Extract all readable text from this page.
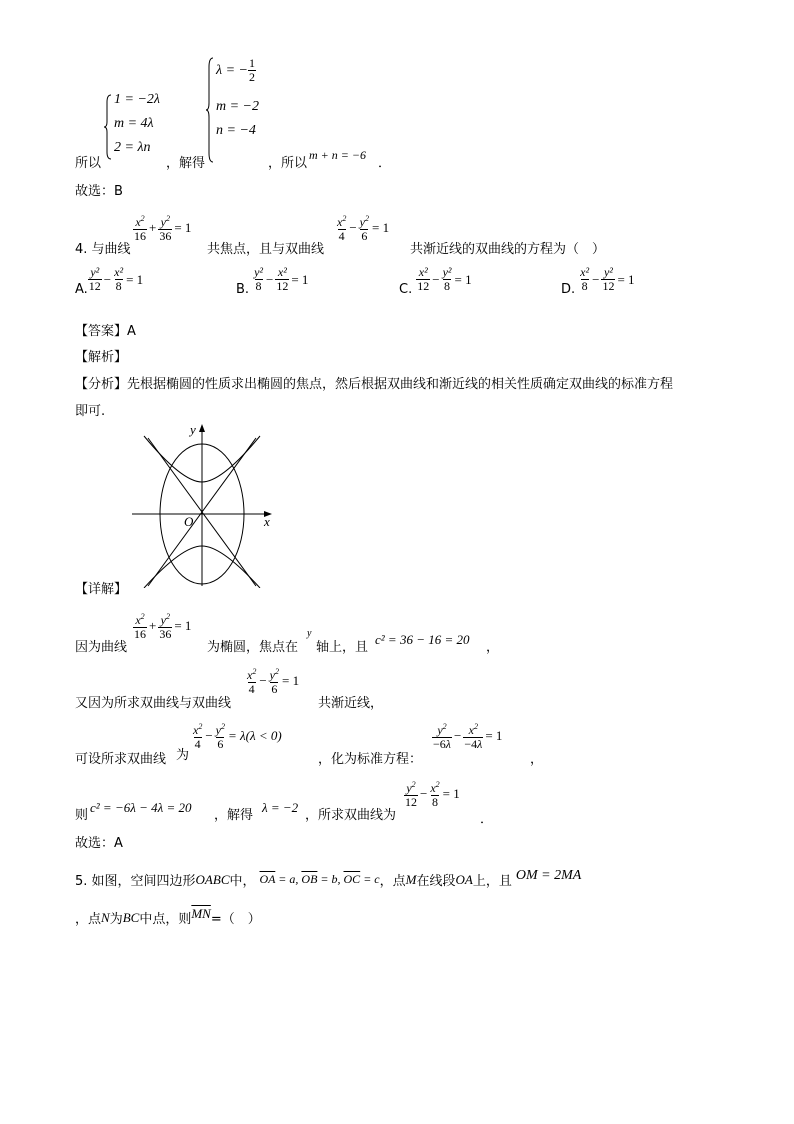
1 = −2λ
m = 4λ
2 = λn
所以	，解得
λ = − $\frac{1}{2}$
m = −2
n = −4
，所以
m + n = −6
．
故选：B
4. 与曲线
$\frac{x^2}{16} + \frac{y^2}{36} = 1$
共焦点，且与双曲线
$\frac{x^2}{4} - \frac{y^2}{6} = 1$
共渐近线的双曲线的方程为（　）
A. $\frac{\text{y²}}{12} - \frac{\text{x²}}{8} = 1$
B. $\frac{\text{y²}}{8} - \frac{\text{x²}}{12} = 1$
C. $\frac{\text{x²}}{12} - \frac{\text{y²}}{8} = 1$
D. $\frac{\text{x²}}{8} - \frac{\text{y²}}{12} = 1$
【答案】A
【解析】
【分析】先根据椭圆的性质求出椭圆的焦点，然后根据双曲线和渐近线的相关性质确定双曲线的标准方程
即可.
y
x
O
【详解】
因为曲线
$\frac{x^2}{16} + \frac{y^2}{36} = 1$
为椭圆，焦点在
y
轴上，且
c² = 36 − 16 = 20
，
又因为所求双曲线与双曲线
$\frac{x^2}{4} - \frac{y^2}{6} = 1$
共渐近线，
可设所求双曲线 为
$\frac{x^2}{4} - \frac{y^2}{6} = \lambda(\lambda < 0)$
，化为标准方程：
$\frac{y^2}{-6\lambda} - \frac{x^2}{-4\lambda} = 1$
，
则
c² = −6λ − 4λ = 20
，解得
λ = −2
，所求双曲线为
$\frac{y^2}{12} - \frac{x^2}{8} = 1$
．
故选：A
5. 如图，空间四边形 OABC 中， $\overline{OA} = a$, $\overline{OB} = b$, $\overline{OC} = c$ ，点 M 在线段 OA 上，且 OM = 2MA
，点 N 为 BC 中点，则 $\overline{MN}$ =（　）
